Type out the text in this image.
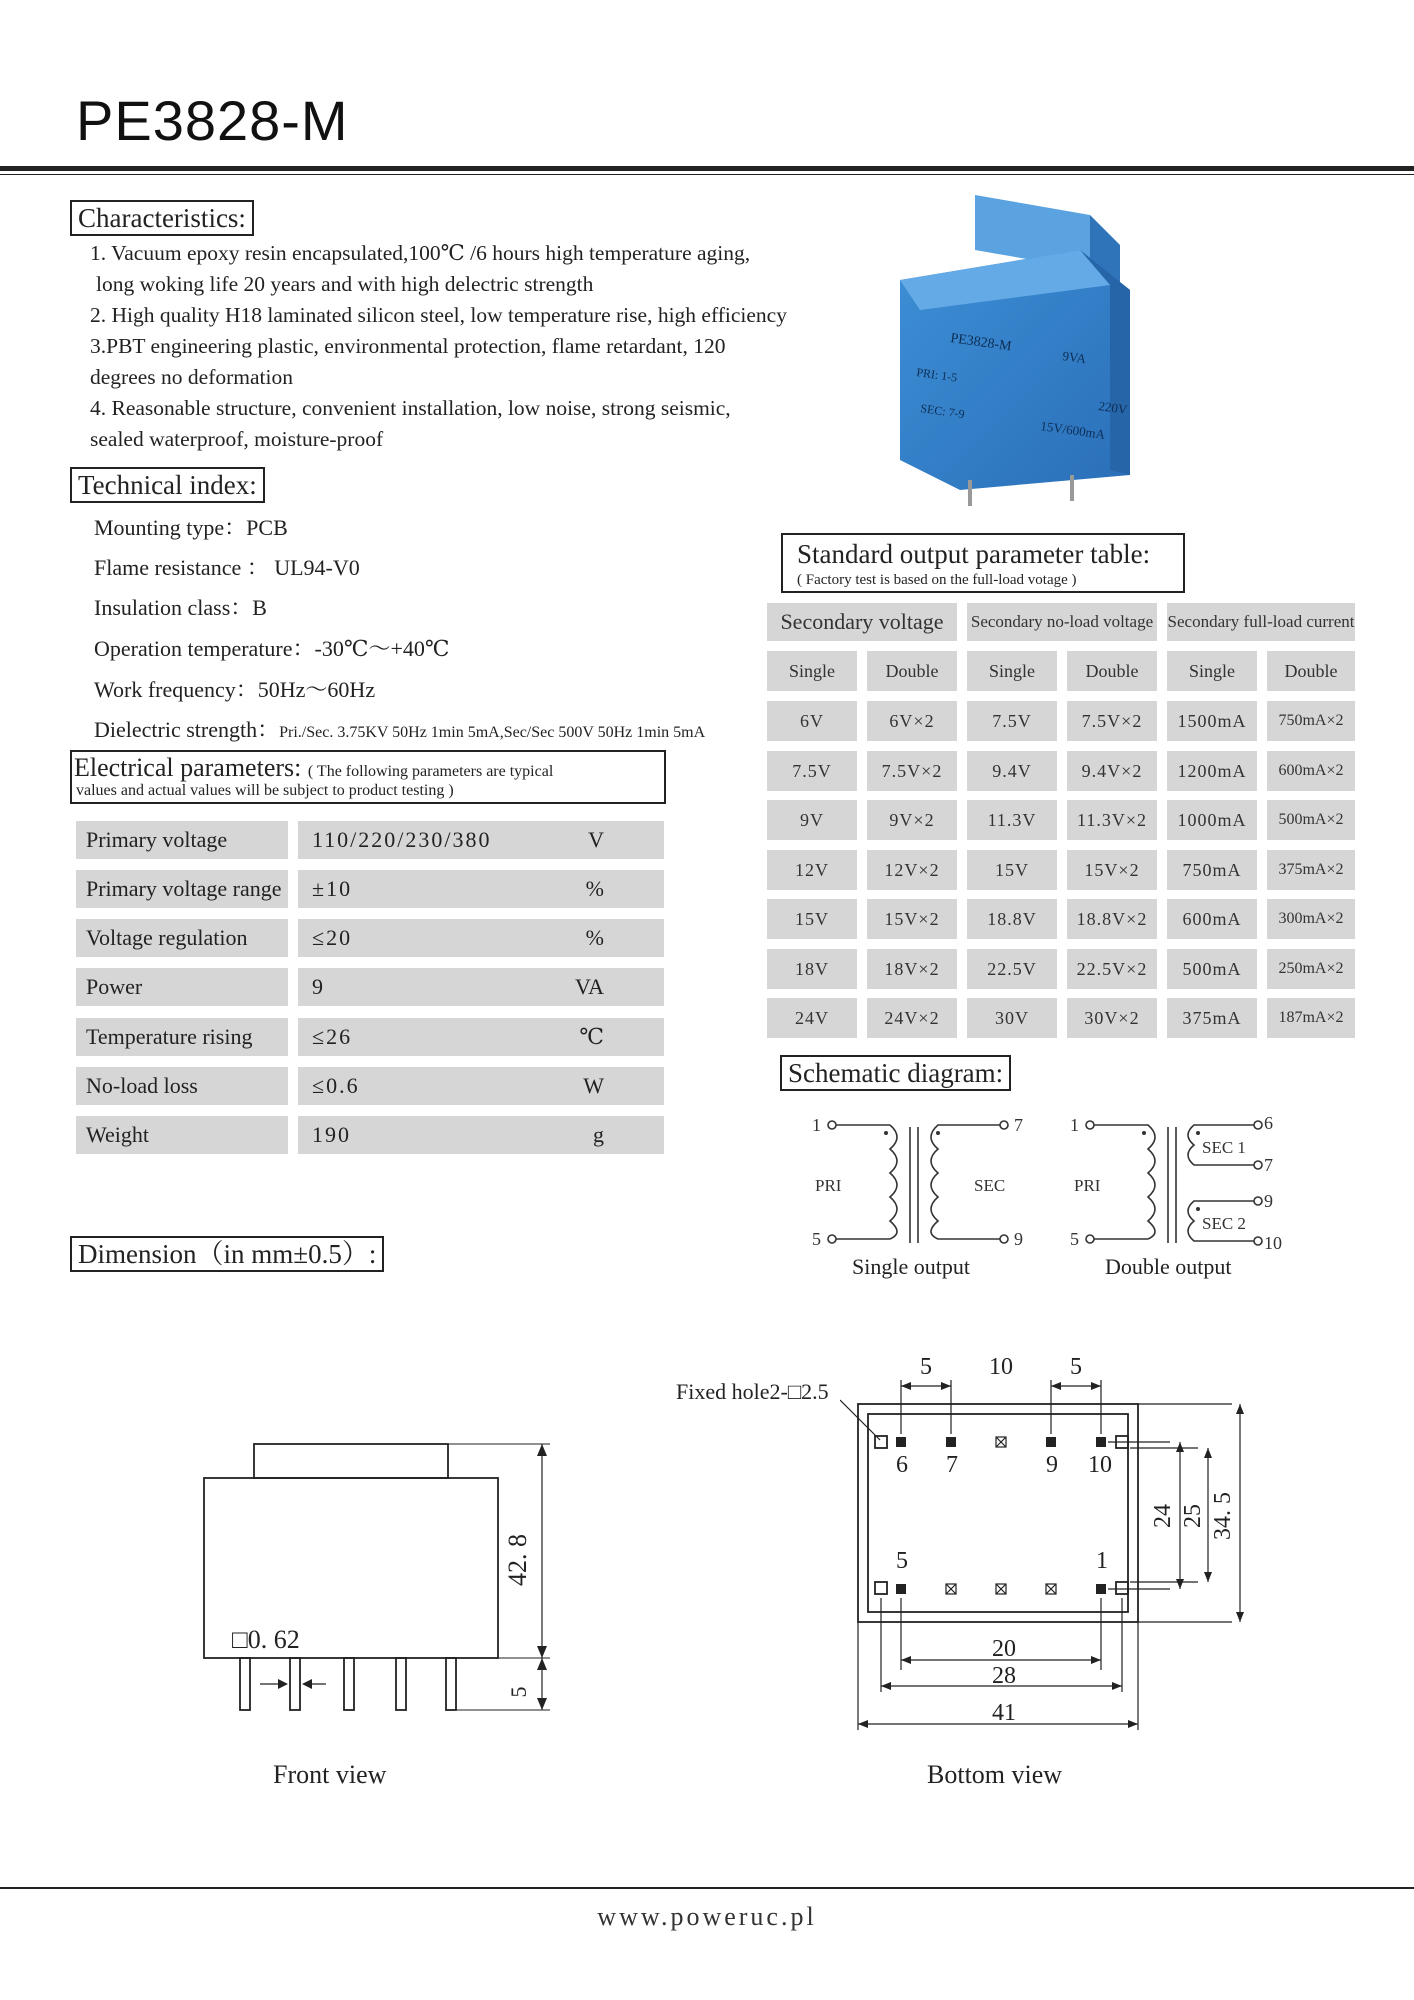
PE3828-M
Characteristics:
1. Vacuum epoxy resin encapsulated,100℃ /6 hours high temperature aging,
long woking life 20 years and with high delectric strength
2. High quality H18 laminated silicon steel, low temperature rise, high efficiency
3.PBT engineering plastic, environmental protection, flame retardant, 120
degrees no deformation
4. Reasonable structure, convenient installation, low noise, strong seismic,
sealed waterproof, moisture-proof
PE3828-M
9VA
PRI: 1-5
SEC: 7-9	220V
15V/600mA
Technical index:
Mounting type：PCB
Flame resistance ： UL94-V0
Insulation class：B
Operation temperature：-30℃～+40℃
Work frequency：50Hz～60Hz
Dielectric strength：Pri./Sec. 3.75KV 50Hz 1min 5mA,Sec/Sec 500V 50Hz 1min 5mA
Electrical parameters: ( The following parameters are typical
values and actual values will be subject to product testing )
Primary voltage	110/220/230/380	V
Primary voltage range ±10	%
Voltage regulation	≤20	%
Power	9	VA
Temperature rising	≤26	℃
No-load loss	≤0.6	W
Weight	190	g
Standard output parameter table:
( Factory test is based on the full-load votage )
Secondary voltage	Secondary no-load voltage Secondary full-load current
Single	Double	Single	Double	Single	Double
6V	6V×2	7.5V	7.5V×2	1500mA	750mA×2
7.5V	7.5V×2	9.4V	9.4V×2	1200mA	600mA×2
9V	9V×2	11.3V	11.3V×2	1000mA	500mA×2
12V	12V×2	15V	15V×2	750mA	375mA×2
15V	15V×2	18.8V	18.8V×2	600mA	300mA×2
18V	18V×2	22.5V	22.5V×2	500mA	250mA×2
24V	24V×2	30V	30V×2	375mA	187mA×2
Schematic diagram:
1
5
7
9
1
5
6
7
9
10
PRI	SEC	PRI
SEC 1
SEC 2
Single output	Double output
Dimension（in mm±0.5）:
42. 8
5
□0. 62
Front view
Fixed hole2-□2.5
5 10 5
6 7	9 10
5	1
20
28
41
24 25 34. 5
Bottom view
www.poweruc.pl
